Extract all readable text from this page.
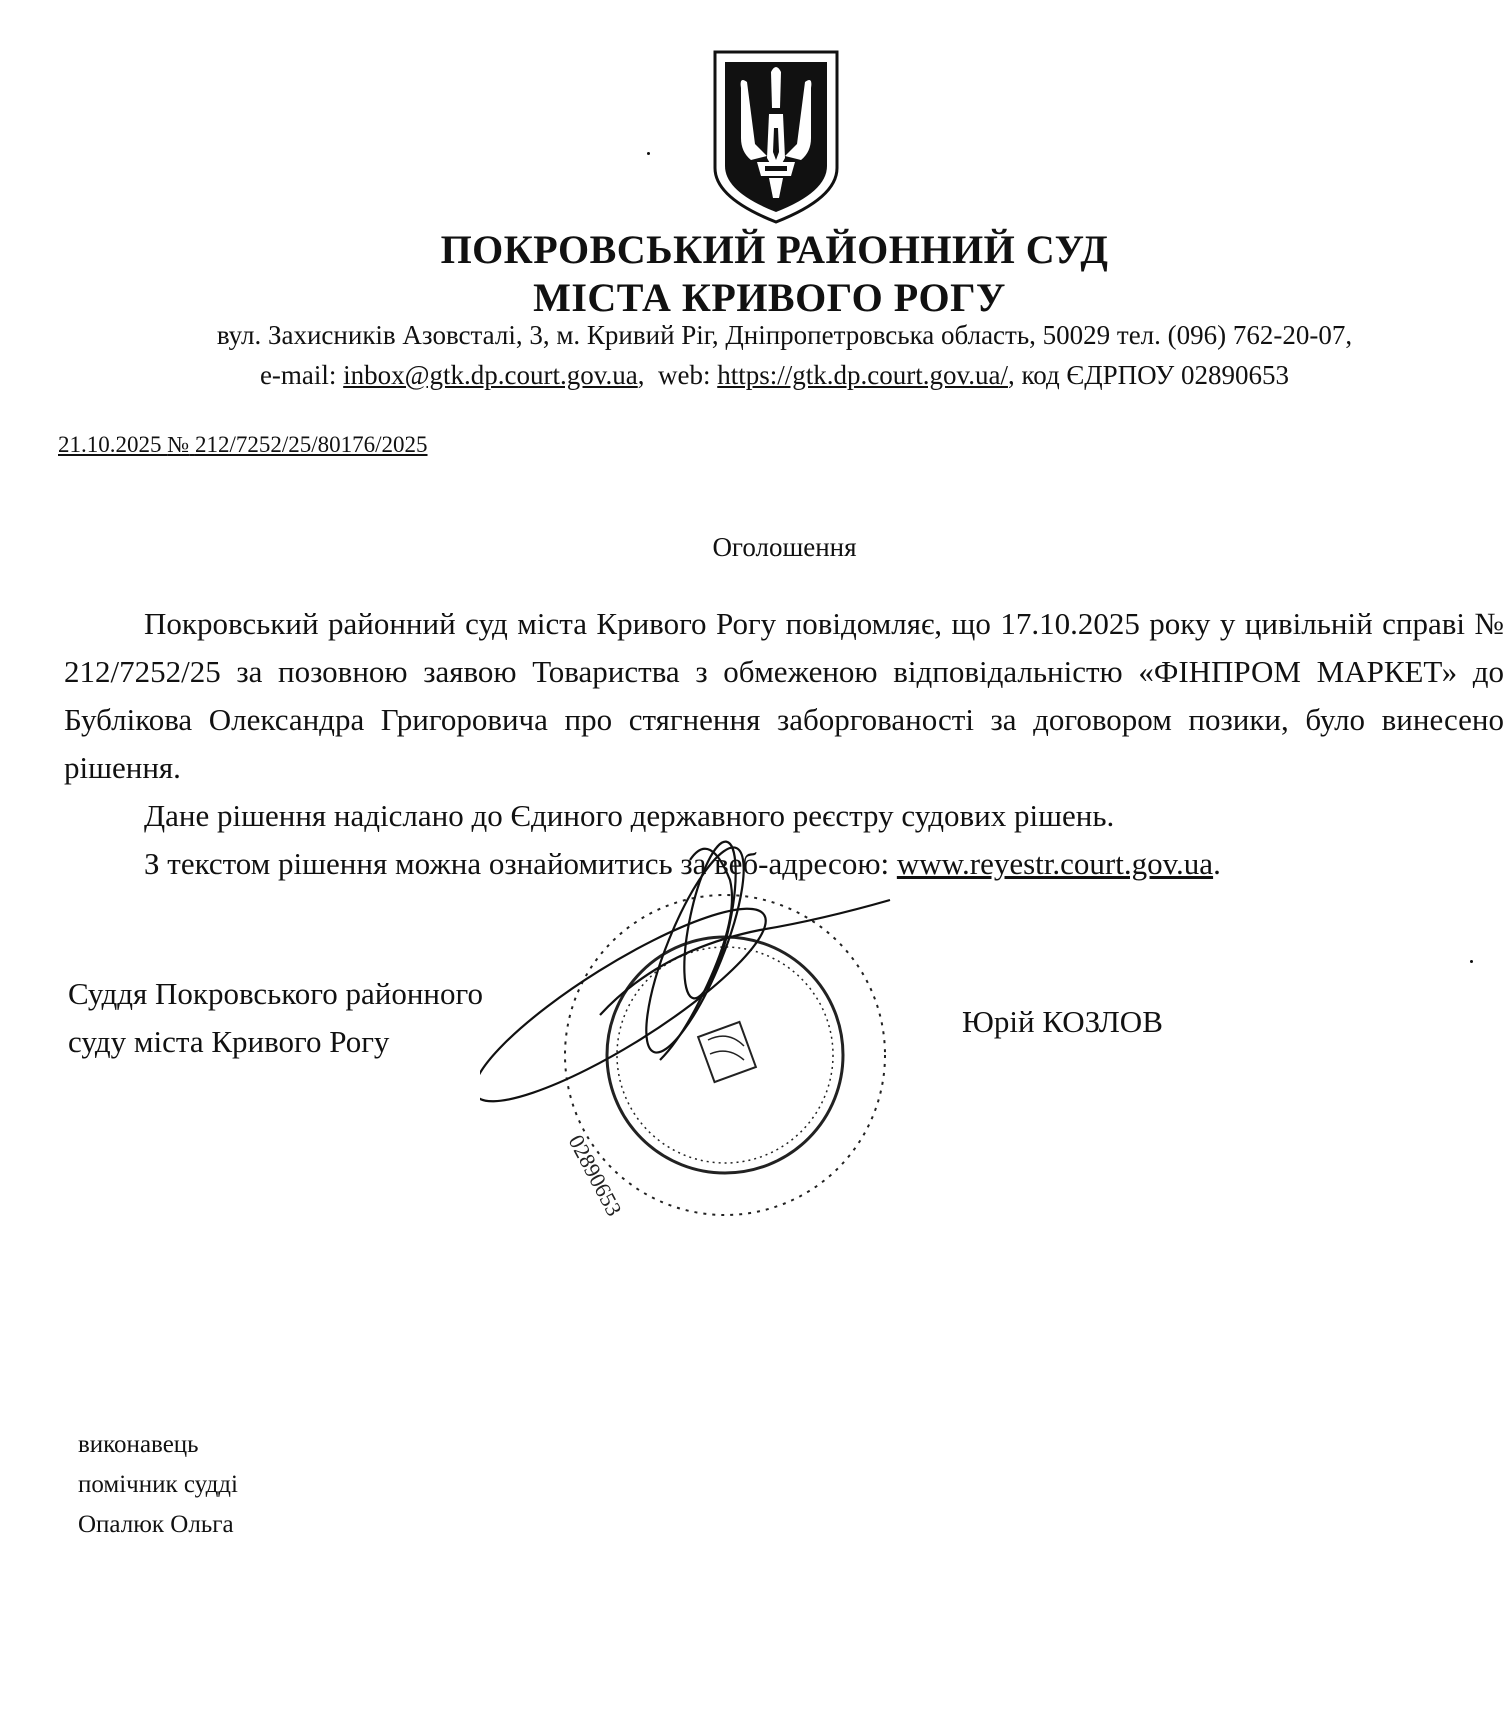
ПОКРОВСЬКИЙ РАЙОННИЙ СУД
МІСТА КРИВОГО РОГУ
вул. Захисників Азовсталі, 3, м. Кривий Ріг, Дніпропетровська область, 50029 тел. (096) 762-20-07,
e-mail: inbox@gtk.dp.court.gov.ua,  web: https://gtk.dp.court.gov.ua/, код ЄДРПОУ 02890653
21.10.2025 № 212/7252/25/80176/2025
Оголошення

Покровський районний суд міста Кривого Рогу повідомляє, що 17.10.2025 року у цивільній справі № 212/7252/25 за позовною заявою Товариства з обмеженою відповідальністю «ФІНПРОМ МАРКЕТ» до Бублікова Олександра Григоровича про стягнення заборгованості за договором позики, було винесено рішення.

Дане рішення надіслано до Єдиного державного реєстру судових рішень.

З текстом рішення можна ознайомитись за веб-адресою: www.reyestr.court.gov.ua.

Суддя Покровського районного
суду міста Кривого Рогу
02890653
Юрій КОЗЛОВ
виконавець
помічник судді
Опалюк Ольга
